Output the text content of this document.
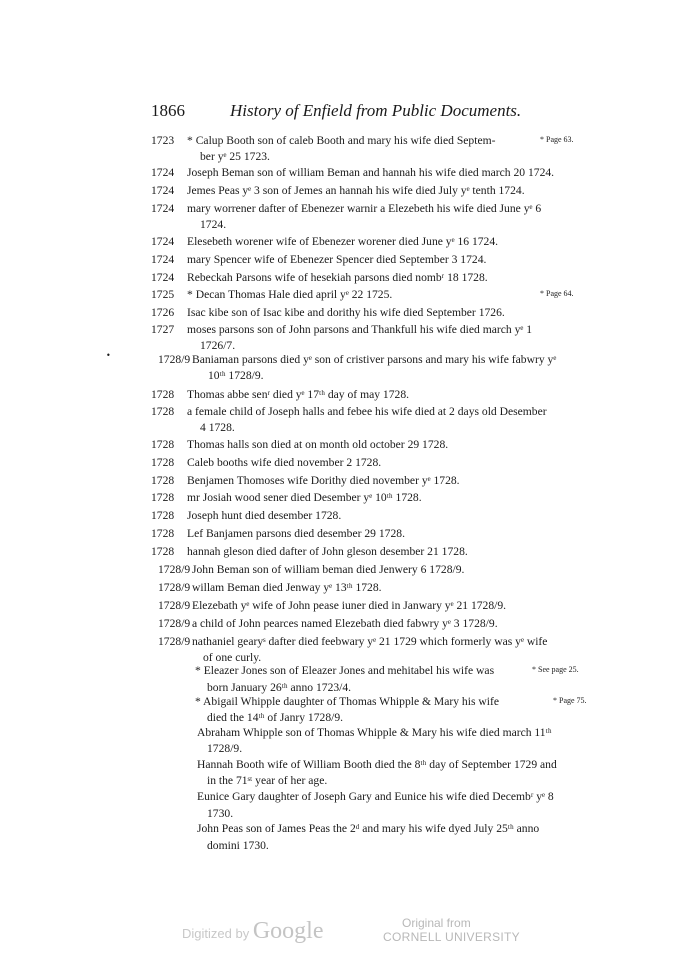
1866	History of Enfield from Public Documents.
1723 * Calup Booth son of caleb Booth and mary his wife died Septem-
ber yᵉ 25 1723.
* Page 63.
1724 Joseph Beman son of william Beman and hannah his wife died march 20 1724.
1724 Jemes Peas yᵉ 3 son of Jemes an hannah his wife died July yᵉ tenth 1724.
1724 mary worrener dafter of Ebenezer warnir a Elezebeth his wife died June yᵉ 6
1724.
1724 Elesebeth worener wife of Ebenezer worener died June yᵉ 16 1724.
1724 mary Spencer wife of Ebenezer Spencer died September 3 1724.
1724 Rebeckah Parsons wife of hesekiah parsons died nombʳ 18 1728.
1725 * Decan Thomas Hale died april yᵉ 22 1725.	* Page 64.
1726 Isac kibe son of Isac kibe and dorithy his wife died September 1726.
1727 moses parsons son of John parsons and Thankfull his wife died march yᵉ 1
1726/7.
1728/9 Baniaman parsons died yᵉ son of cristiver parsons and mary his wife fabwry yᵉ
10ᵗʰ 1728/9.
1728 Thomas abbe senʳ died yᵉ 17ᵗʰ day of may 1728.
1728 a female child of Joseph halls and febee his wife died at 2 days old Desember
4 1728.
1728 Thomas halls son died at on month old october 29 1728.
1728 Caleb booths wife died november 2 1728.
1728 Benjamen Thomoses wife Dorithy died november yᵉ 1728.
1728 mr Josiah wood sener died Desember yᵉ 10ᵗʰ 1728.
1728 Joseph hunt died desember 1728.
1728 Lef Banjamen parsons died desember 29 1728.
1728 hannah gleson died dafter of John gleson desember 21 1728.
1728/9 John Beman son of william beman died Jenwery 6 1728/9.
1728/9 willam Beman died Jenway yᵉ 13ᵗʰ 1728.
1728/9 Elezebath yᵉ wife of John pease iuner died in Janwary yᵉ 21 1728/9.
1728/9 a child of John pearces named Elezebath died fabwry yᵉ 3 1728/9.
1728/9 nathaniel gearyˢ dafter died feebwary yᵉ 21 1729 which formerly was yᵉ wife
of one curly.
* Eleazer Jones son of Eleazer Jones and mehitabel his wife was
born January 26ᵗʰ anno 1723/4.
* See page 25.
* Abigail Whipple daughter of Thomas Whipple & Mary his wife
died the 14ᵗʰ of Janry 1728/9.
* Page 75.
Abraham Whipple son of Thomas Whipple & Mary his wife died march 11ᵗʰ
1728/9.
Hannah Booth wife of William Booth died the 8ᵗʰ day of September 1729 and
in the 71ˢᵗ year of her age.
Eunice Gary daughter of Joseph Gary and Eunice his wife died Decembʳ yᵉ 8
1730.
John Peas son of James Peas the 2ᵈ and mary his wife dyed July 25ᵗʰ anno
domini 1730.
•
Digitized by Google	Original from
CORNELL UNIVERSITY
